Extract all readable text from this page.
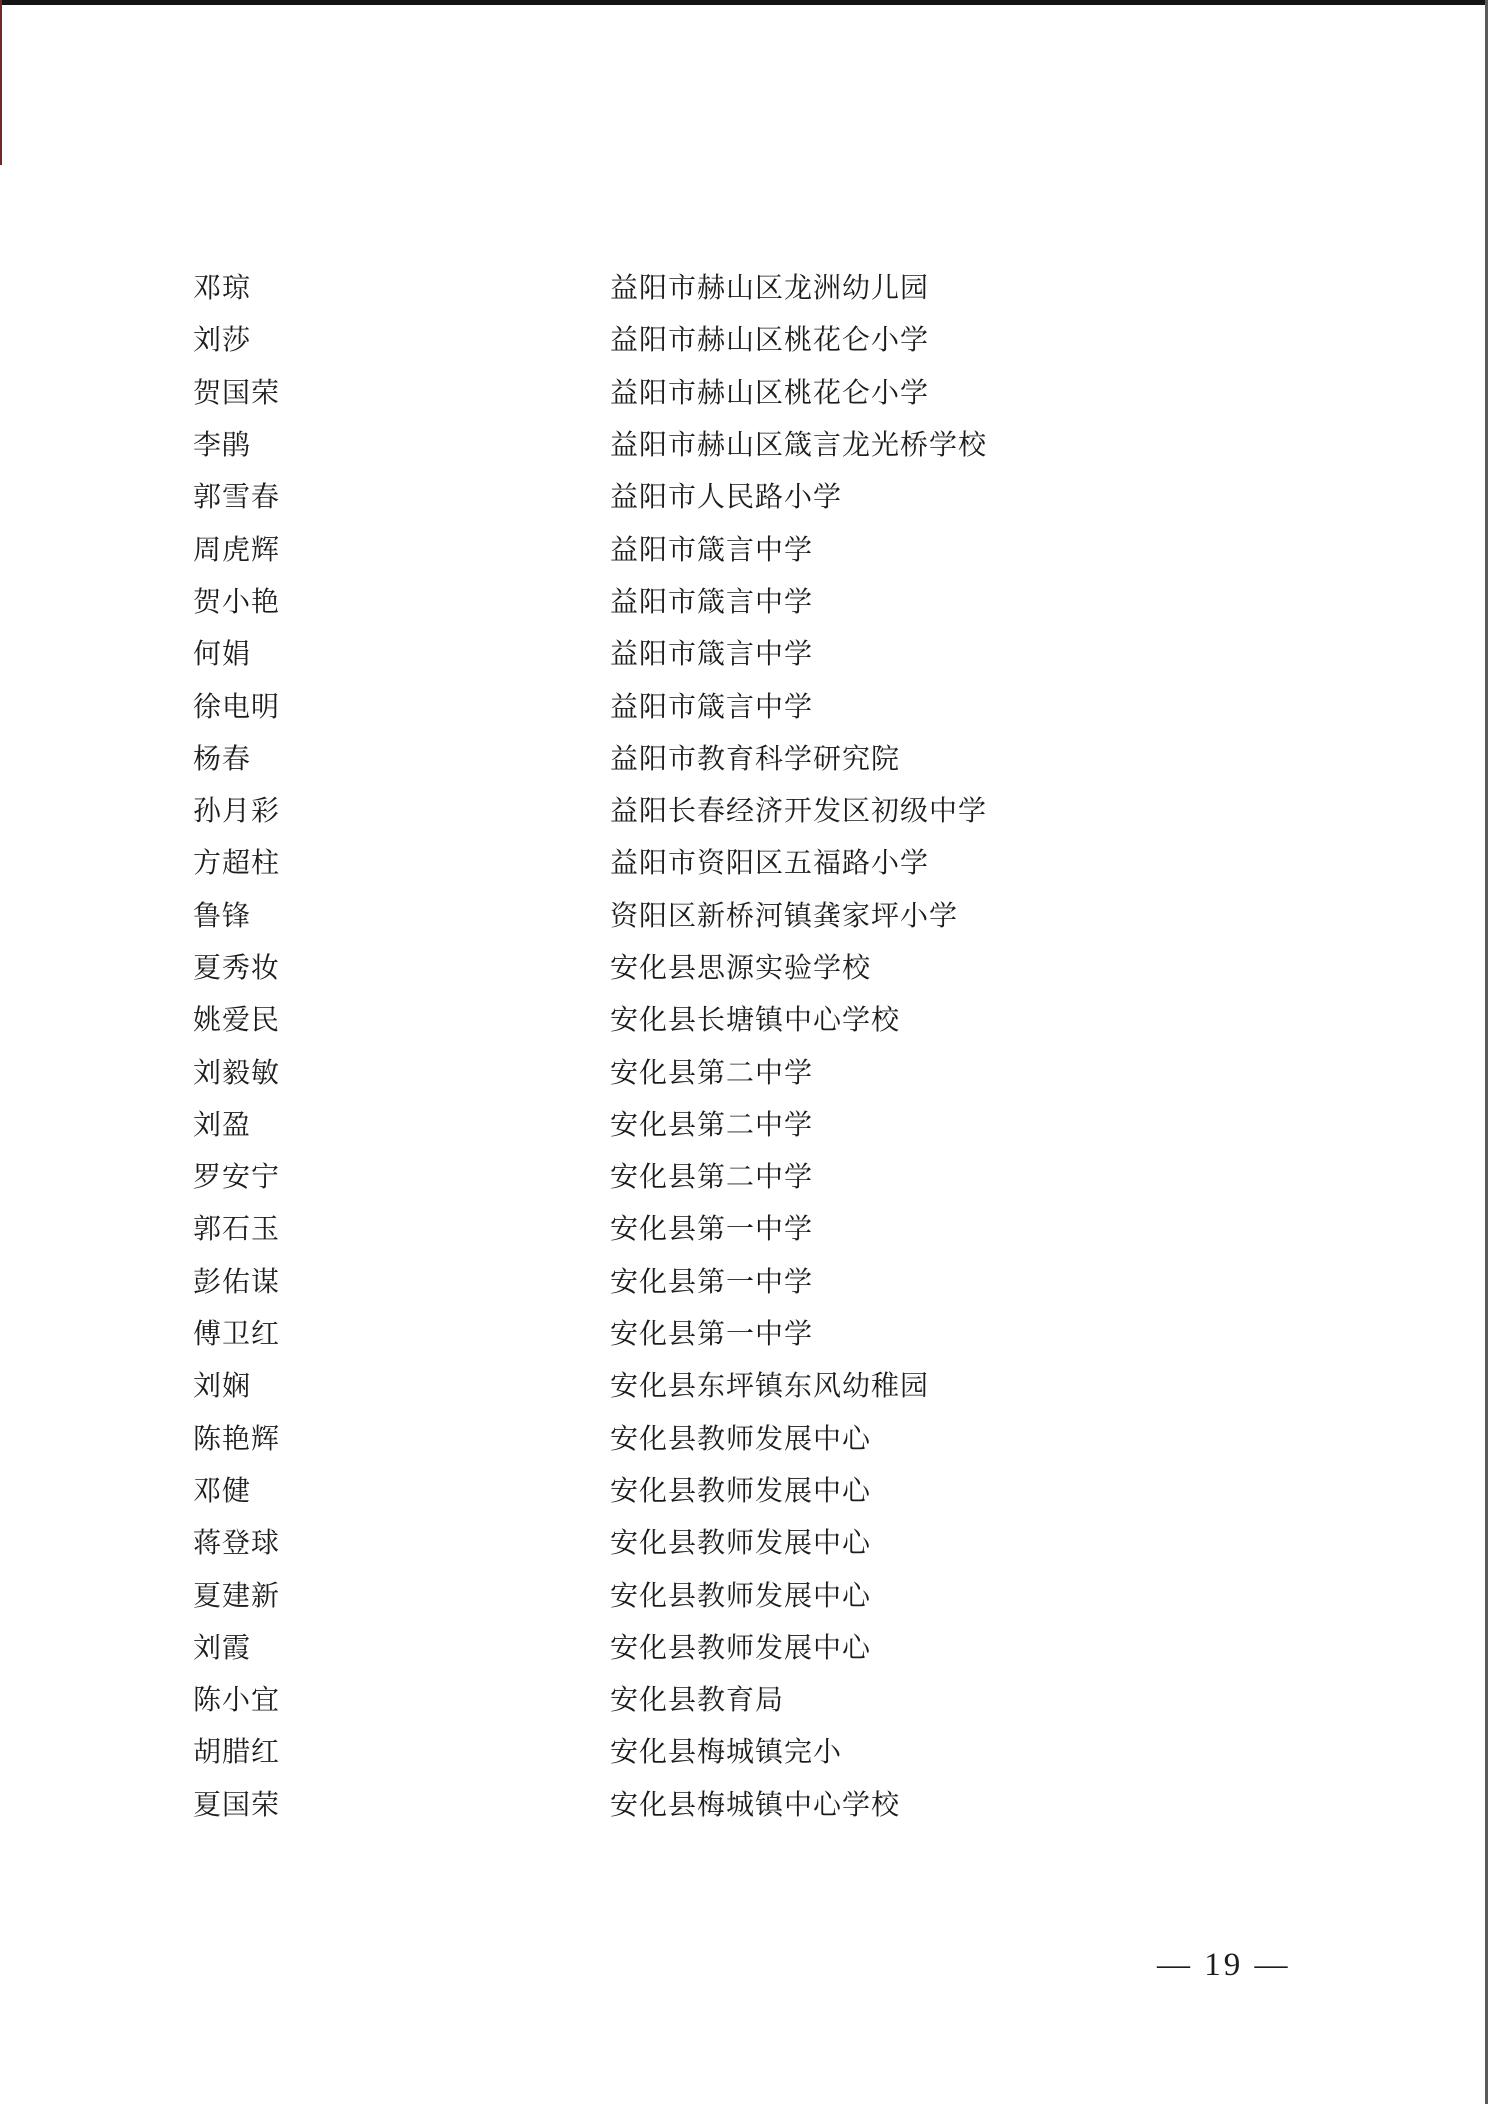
邓琼	益阳市赫山区龙洲幼儿园
刘莎	益阳市赫山区桃花仑小学
贺国荣	益阳市赫山区桃花仑小学
李鹃	益阳市赫山区箴言龙光桥学校
郭雪春	益阳市人民路小学
周虎辉	益阳市箴言中学
贺小艳	益阳市箴言中学
何娟	益阳市箴言中学
徐电明	益阳市箴言中学
杨春	益阳市教育科学研究院
孙月彩	益阳长春经济开发区初级中学
方超柱	益阳市资阳区五福路小学
鲁锋	资阳区新桥河镇龚家坪小学
夏秀妆	安化县思源实验学校
姚爱民	安化县长塘镇中心学校
刘毅敏	安化县第二中学
刘盈	安化县第二中学
罗安宁	安化县第二中学
郭石玉	安化县第一中学
彭佑谋	安化县第一中学
傅卫红	安化县第一中学
刘娴	安化县东坪镇东风幼稚园
陈艳辉	安化县教师发展中心
邓健	安化县教师发展中心
蒋登球	安化县教师发展中心
夏建新	安化县教师发展中心
刘霞	安化县教师发展中心
陈小宜	安化县教育局
胡腊红	安化县梅城镇完小
夏国荣	安化县梅城镇中心学校
— 19 —
